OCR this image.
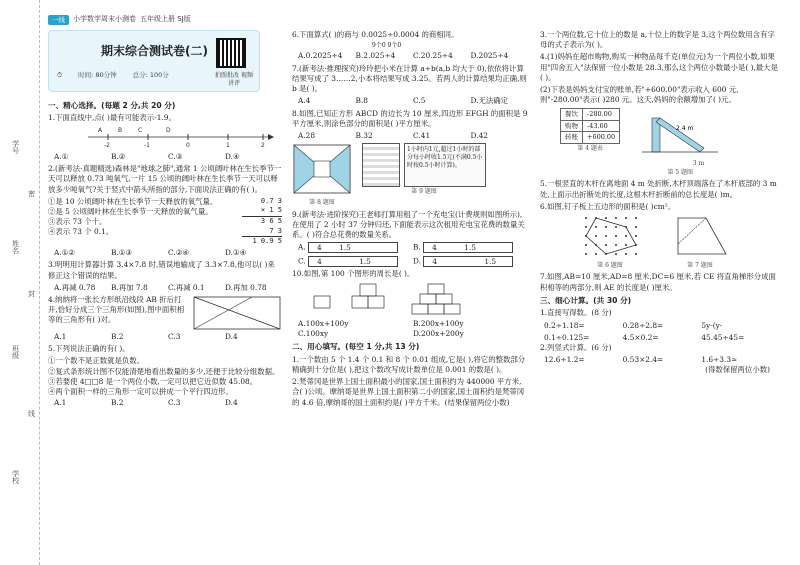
一线	小学数学周末小测卷 五年级上册 SJ版
学号
密
姓名
封
班级
线
学校
期末综合测试卷(二)
⏱ 时间: 80分钟 总分: 100分	拍照批改 视频讲评
一、精心选择。(每题 2 分,共 20 分)
1.下面直线中,点( )最有可能表示-1.9。
-2	-1	0	1	2
A	B	C	D
A.①	B.②	C.③	D.④
2.(新考法·真题精选)森林是"地球之肺",通常 1 公顷阔叶林在生长季节一天可以释放 0.73 吨氧气,一片 15 公顷的阔叶林在生长季节一天可以释放多少吨氧气?关于竖式中箭头所指的部分,下面说法正确的有( )。
①是 10 公顷阔叶林在生长季节一天释放的氧气量。
②是 5 公顷阔叶林在生长季节一天释放的氧气量。
③表示 73 个十。
④表示 73 个 0.1。
0.7 3
× 1 5
3 6 5
7 3
1 0.9 5
A.①②	B.①③	C.②④	D.①④
3.明明用计算器计算 3.4×7.8 时,错误地输成了 3.3×7.8,他可以( )来修正这个错误的结果。
A.再减 0.78	B.再加 7.8	C.再减 0.1	D.再加 0.78
4.纳纳将一张长方形纸沿线段 AB 折后打开,恰好分成三个三角形(如图),图中面积相等的三角形有( )对。
A.1	B.2	C.3	D.4
5.下列说法正确的有( )。
①一个数不是正数就是负数。
②复式条形统计图不仅能清楚地看出数量的多少,还便于比较分组数据。
③若要使 4□□8 是一个两位小数,一定可以把它近似数 45.08。
④两个面积一样的三角形一定可以拼成一个平行四边形。
A.1	B.2	C.3	D.4
6.下面算式( )的商与 0.0025÷0.0004 的商相同。
9个0 9个0
A.0.2025÷4	B.2.025÷4	C.20.25÷4	D.2025÷4
7.(新考法·推理探究)玲玲把小米在计算 a÷b(a,b 均大于 0),依依将计算结果写成了 3……2,小本将结果写成 3.25。若两人的计算结果均正确,则 b 是( )。
A.4	B.8	C.5	D.无法确定
8.如图,已知正方形 ABCD 的边长为 10 厘米,四边形 EFGH 的面积是 9 平方厘米,则涂色部分的面积是( )平方厘米。
A.28	B.32	C.41	D.42
第 8 题图
1小时内1元,超过1小时的部分每小时收1.5元(不满0.5小时按0.5小时计算)。
第 9 题图
9.(新考法·进阶探究)王老师打算用租了一个充电宝(计费规则如图所示),在使用了 2 小时 37 分钟归还,下面能表示这次租用充电宝花费的数量关系。( )符合总花费的数量关系。
A. 4 1.5	B. 4	1.5
C. 4	1.5	D. 4	1.5
10.如图,第 100 个图形的周长是( )。
A.100x+100y	B.200x+100y
C.100xy	D.200x+200y
二、用心填写。(每空 1 分,共 13 分)
1.一个数由 5 个 1.4 个 0.1 和 8 个 0.01 组成,它是( ),将它的整数部分精确到十分位是( ),把这个数改写成计数单位是 0.001 的数是( )。
2.梵蒂冈是世界上国土面积最小的国家,国土面积约为 440000 平方米,合( )公顷。摩纳哥是世界上国土面积第二小的国家,国土面积约是梵蒂冈的 4.6 倍,摩纳哥的国土面积约是( )平方千米。(结果保留两位小数)
3.一个两位数,它十位上的数是 a,十位上的数字是 3,这个两位数用含有字母的式子表示为( )。
4.(1)妈妈在超市购物,购买一种物品每千克(单位元)为一个两位小数,如果用"四舍五入"法保留一位小数是 28.3,那么这个两位小数最小是( ),最大是( )。
(2)下表是妈妈支付宝的账单,若"+600.00"表示收入 600 元,则"-280.00"表示( )280 元。这天,妈妈的余额增加了( )元。
餐饮	-280.00
购物	-43.60
转账	+600.00
第 4 题表
2.4 m
3 m
第 5 题图
5.一根竖直的木杆在离地面 4 m 处折断,木杆顶端落在了木杆底部的 3 m 处,上面示出折断处的长度,这根木杆折断前的总长度是( )m。
6.如图,钉子板上五边形的面积是( )cm²。
第 6 题图	第 7 题图
7.如图,AB=10 厘米,AD=8 厘米,DC=6 厘米,若 CE 将直角梯形分成面积相等的两部分,则 AE 的长度是( )厘米。
三、细心计算。(共 30 分)
1.直接写得数。(8 分)
0.2÷1.18=	0.28÷2.8=	5y-(y-
0.1÷0.125=	4.5×0.2=	45.45÷45=
2.列竖式计算。(6 分)
12.6÷1.2=	0.53×2.4=	1.6÷3.3≈
(得数保留两位小数)
